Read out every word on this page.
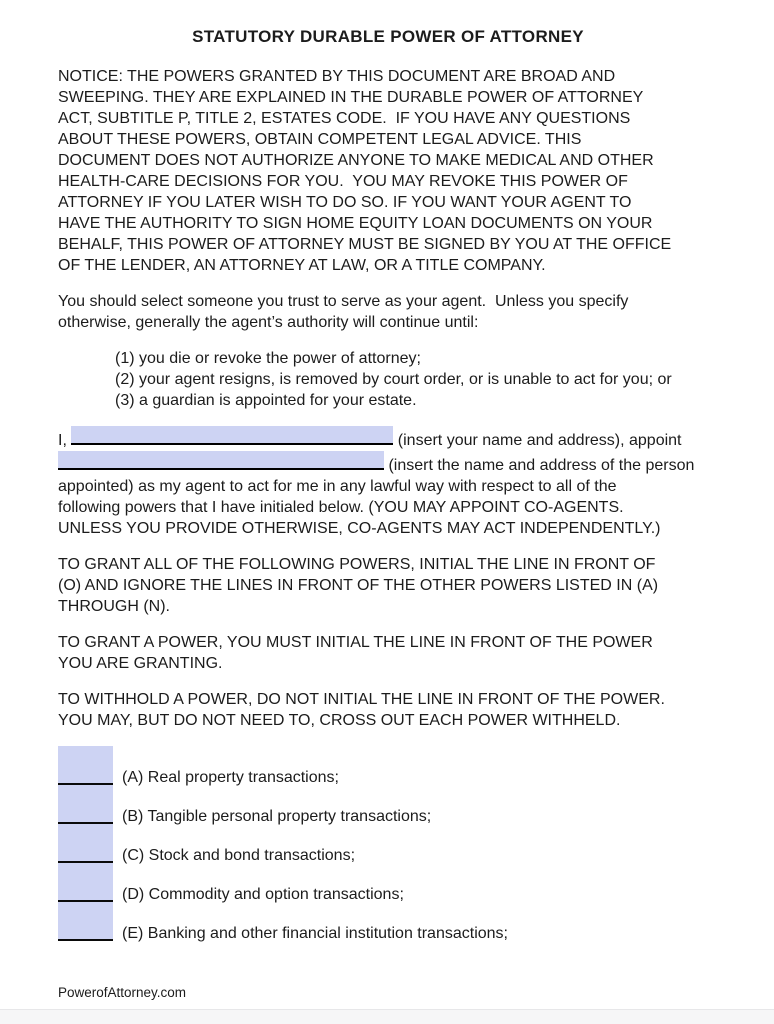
STATUTORY DURABLE POWER OF ATTORNEY
NOTICE: THE POWERS GRANTED BY THIS DOCUMENT ARE BROAD AND
SWEEPING. THEY ARE EXPLAINED IN THE DURABLE POWER OF ATTORNEY
ACT, SUBTITLE P, TITLE 2, ESTATES CODE.  IF YOU HAVE ANY QUESTIONS
ABOUT THESE POWERS, OBTAIN COMPETENT LEGAL ADVICE. THIS
DOCUMENT DOES NOT AUTHORIZE ANYONE TO MAKE MEDICAL AND OTHER
HEALTH-CARE DECISIONS FOR YOU.  YOU MAY REVOKE THIS POWER OF
ATTORNEY IF YOU LATER WISH TO DO SO. IF YOU WANT YOUR AGENT TO
HAVE THE AUTHORITY TO SIGN HOME EQUITY LOAN DOCUMENTS ON YOUR
BEHALF, THIS POWER OF ATTORNEY MUST BE SIGNED BY YOU AT THE OFFICE
OF THE LENDER, AN ATTORNEY AT LAW, OR A TITLE COMPANY.
You should select someone you trust to serve as your agent.  Unless you specify
otherwise, generally the agent’s authority will continue until:
(1) you die or revoke the power of attorney;
(2) your agent resigns, is removed by court order, or is unable to act for you; or
(3) a guardian is appointed for your estate.
I,	(insert your name and address), appoint
(insert the name and address of the person
appointed) as my agent to act for me in any lawful way with respect to all of the
following powers that I have initialed below. (YOU MAY APPOINT CO-AGENTS.
UNLESS YOU PROVIDE OTHERWISE, CO-AGENTS MAY ACT INDEPENDENTLY.)
TO GRANT ALL OF THE FOLLOWING POWERS, INITIAL THE LINE IN FRONT OF
(O) AND IGNORE THE LINES IN FRONT OF THE OTHER POWERS LISTED IN (A)
THROUGH (N).
TO GRANT A POWER, YOU MUST INITIAL THE LINE IN FRONT OF THE POWER
YOU ARE GRANTING.
TO WITHHOLD A POWER, DO NOT INITIAL THE LINE IN FRONT OF THE POWER.
YOU MAY, BUT DO NOT NEED TO, CROSS OUT EACH POWER WITHHELD.
(A) Real property transactions;
(B) Tangible personal property transactions;
(C) Stock and bond transactions;
(D) Commodity and option transactions;
(E) Banking and other financial institution transactions;
PowerofAttorney.com
